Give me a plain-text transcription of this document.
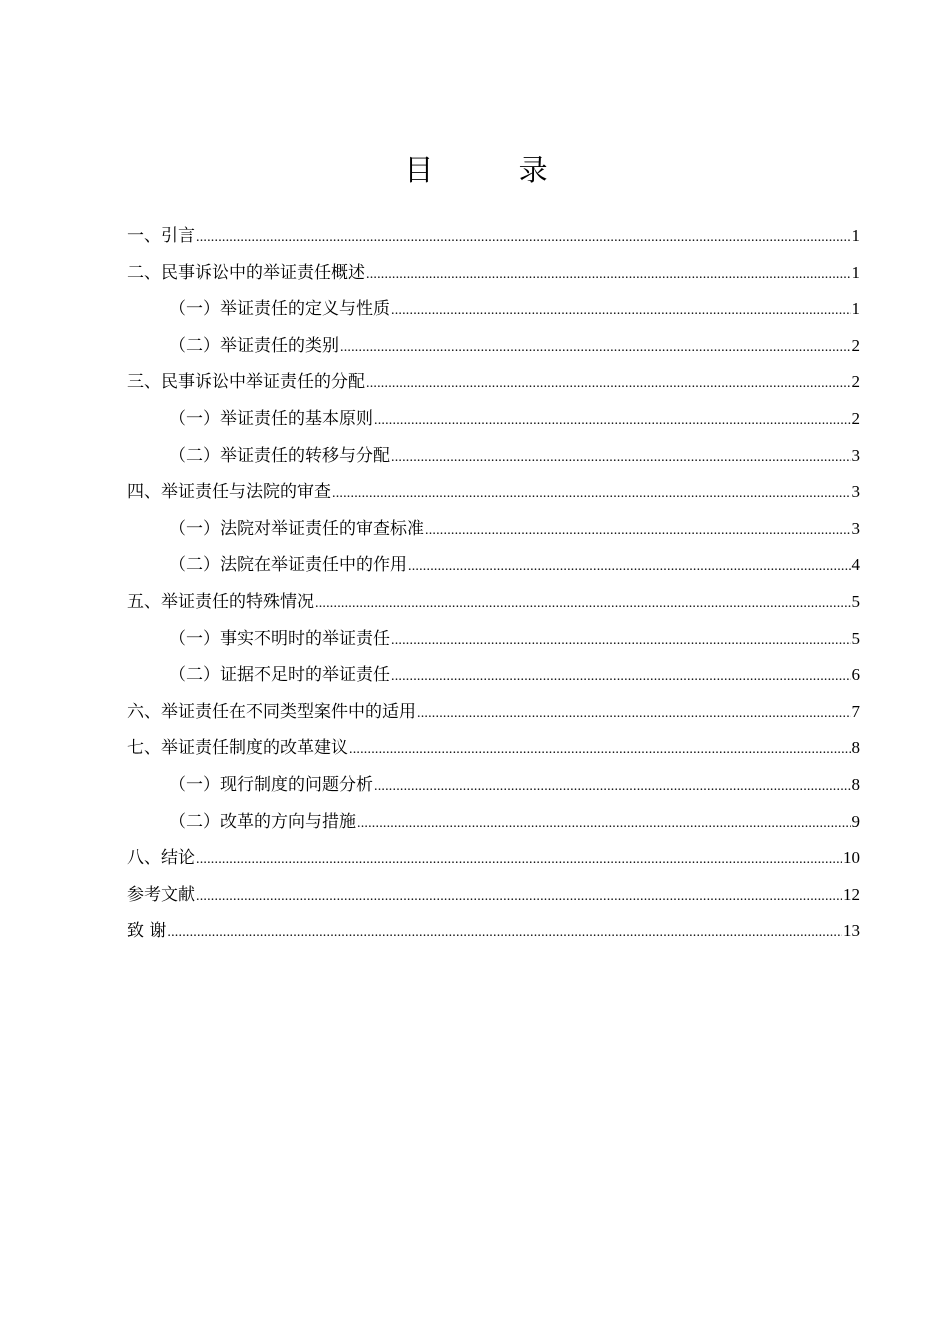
目 录
一、引言 .....	1
二、民事诉讼中的举证责任概述 .....	1
（一）举证责任的定义与性质 .....	1
（二）举证责任的类别 .....	2
三、民事诉讼中举证责任的分配 .....	2
（一）举证责任的基本原则 .....	2
（二）举证责任的转移与分配 .....	3
四、举证责任与法院的审查 .....	3
（一）法院对举证责任的审查标准 .....	3
（二）法院在举证责任中的作用 .....	4
五、举证责任的特殊情况 .....	5
（一）事实不明时的举证责任 .....	5
（二）证据不足时的举证责任 .....	6
六、举证责任在不同类型案件中的适用 .....	7
七、举证责任制度的改革建议 .....	8
（一）现行制度的问题分析 .....	8
（二）改革的方向与措施 .....	9
八、结论 .....	10
参考文献 .....	12
致 谢 .....	13
